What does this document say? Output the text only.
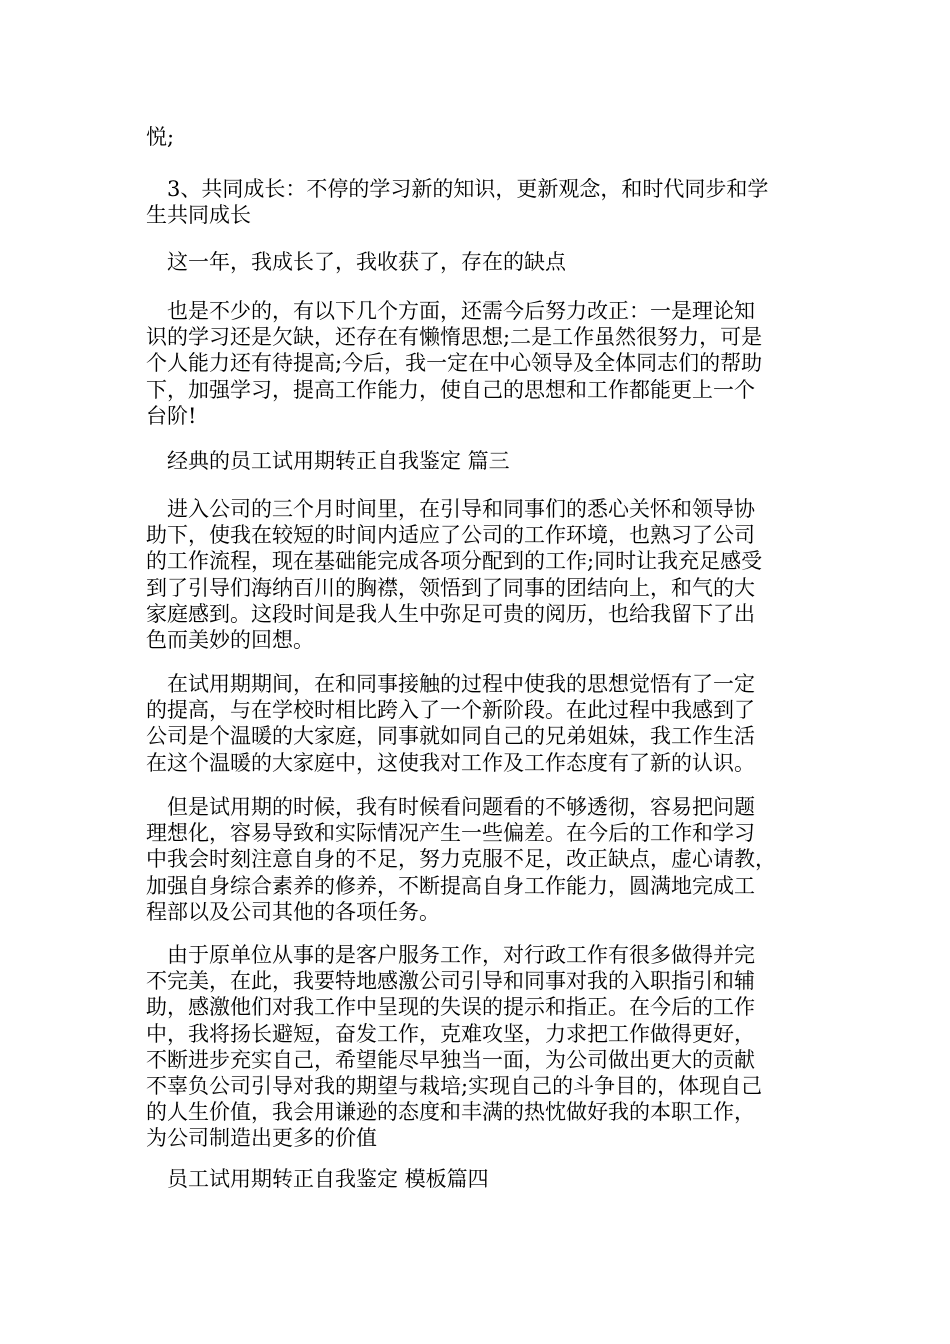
悦;

3、共同成长：不停的学习新的知识，更新观念，和时代同步和学
生共同成长

这一年，我成长了，我收获了，存在的缺点

也是不少的，有以下几个方面，还需今后努力改正：一是理论知
识的学习还是欠缺，还存在有懒惰思想;二是工作虽然很努力，可是
个人能力还有待提高;今后，我一定在中心领导及全体同志们的帮助
下，加强学习，提高工作能力，使自己的思想和工作都能更上一个
台阶!

经典的员工试用期转正自我鉴定 篇三

进入公司的三个月时间里，在引导和同事们的悉心关怀和领导协
助下，使我在较短的时间内适应了公司的工作环境，也熟习了公司
的工作流程，现在基础能完成各项分配到的工作;同时让我充足感受
到了引导们海纳百川的胸襟，领悟到了同事的团结向上，和气的大
家庭感到。这段时间是我人生中弥足可贵的阅历，也给我留下了出
色而美妙的回想。

在试用期期间，在和同事接触的过程中使我的思想觉悟有了一定
的提高，与在学校时相比跨入了一个新阶段。在此过程中我感到了
公司是个温暖的大家庭，同事就如同自己的兄弟姐妹，我工作生活
在这个温暖的大家庭中，这使我对工作及工作态度有了新的认识。

但是试用期的时候，我有时候看问题看的不够透彻，容易把问题
理想化，容易导致和实际情况产生一些偏差。在今后的工作和学习
中我会时刻注意自身的不足，努力克服不足，改正缺点，虚心请教，
加强自身综合素养的修养，不断提高自身工作能力，圆满地完成工
程部以及公司其他的各项任务。

由于原单位从事的是客户服务工作，对行政工作有很多做得并完
不完美，在此，我要特地感激公司引导和同事对我的入职指引和辅
助，感激他们对我工作中呈现的失误的提示和指正。在今后的工作
中，我将扬长避短，奋发工作，克难攻坚，力求把工作做得更好，
不断进步充实自己，希望能尽早独当一面，为公司做出更大的贡献
不辜负公司引导对我的期望与栽培;实现自己的斗争目的，体现自己
的人生价值，我会用谦逊的态度和丰满的热忱做好我的本职工作，
为公司制造出更多的价值

员工试用期转正自我鉴定 模板篇四
